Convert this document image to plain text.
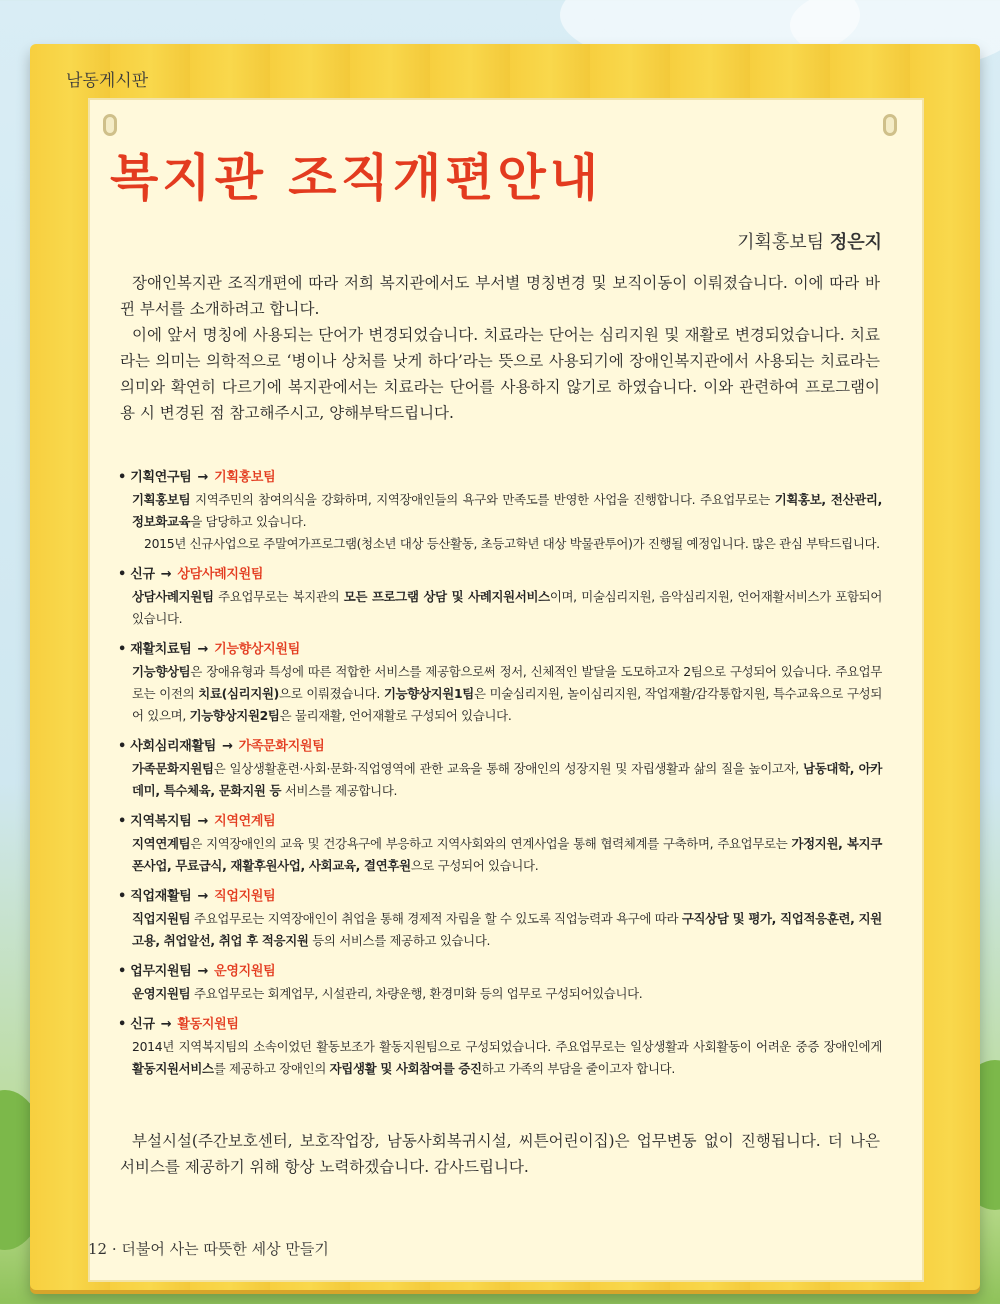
남동게시판
복지관 조직개편안내
기획홍보팀 정은지

장애인복지관 조직개편에 따라 저희 복지관에서도 부서별 명칭변경 및 보직이동이 이뤄졌습니다. 이에 따라 바뀐 부서를 소개하려고 합니다.

이에 앞서 명칭에 사용되는 단어가 변경되었습니다. 치료라는 단어는 심리지원 및 재활로 변경되었습니다. 치료라는 의미는 의학적으로 ‘병이나 상처를 낫게 하다’라는 뜻으로 사용되기에 장애인복지관에서 사용되는 치료라는 의미와 확연히 다르기에 복지관에서는 치료라는 단어를 사용하지 않기로 하였습니다. 이와 관련하여 프로그램이용 시 변경된 점 참고해주시고, 양해부탁드립니다.

• 기획연구팀 → 기획홍보팀
기획홍보팀 지역주민의 참여의식을 강화하며, 지역장애인들의 욕구와 만족도를 반영한 사업을 진행합니다. 주요업무로는 기획홍보, 전산관리, 정보화교육을 담당하고 있습니다.
2015년 신규사업으로 주말여가프로그램(청소년 대상 등산활동, 초등고학년 대상 박물관투어)가 진행될 예정입니다. 많은 관심 부탁드립니다.
• 신규 → 상담사례지원팀
상담사례지원팀 주요업무로는 복지관의 모든 프로그램 상담 및 사례지원서비스이며, 미술심리지원, 음악심리지원, 언어재활서비스가 포함되어 있습니다.
• 재활치료팀 → 기능향상지원팀
기능향상팀은 장애유형과 특성에 따른 적합한 서비스를 제공함으로써 정서, 신체적인 발달을 도모하고자 2팀으로 구성되어 있습니다. 주요업무로는 이전의 치료(심리지원)으로 이뤄졌습니다. 기능향상지원1팀은 미술심리지원, 놀이심리지원, 작업재활/감각통합지원, 특수교육으로 구성되어 있으며, 기능향상지원2팀은 물리재활, 언어재활로 구성되어 있습니다.
• 사회심리재활팀 → 가족문화지원팀
가족문화지원팀은 일상생활훈련·사회·문화·직업영역에 관한 교육을 통해 장애인의 성장지원 및 자립생활과 삶의 질을 높이고자, 남동대학, 아카데미, 특수체육, 문화지원 등 서비스를 제공합니다.
• 지역복지팀 → 지역연계팀
지역연계팀은 지역장애인의 교육 및 건강욕구에 부응하고 지역사회와의 연계사업을 통해 협력체계를 구축하며, 주요업무로는 가정지원, 복지쿠폰사업, 무료급식, 재활후원사업, 사회교육, 결연후원으로 구성되어 있습니다.
• 직업재활팀 → 직업지원팀
직업지원팀 주요업무로는 지역장애인이 취업을 통해 경제적 자립을 할 수 있도록 직업능력과 욕구에 따라 구직상담 및 평가, 직업적응훈련, 지원고용, 취업알선, 취업 후 적응지원 등의 서비스를 제공하고 있습니다.
• 업무지원팀 → 운영지원팀
운영지원팀 주요업무로는 회계업무, 시설관리, 차량운행, 환경미화 등의 업무로 구성되어있습니다.
• 신규 → 활동지원팀
2014년 지역복지팀의 소속이었던 활동보조가 활동지원팀으로 구성되었습니다. 주요업무로는 일상생활과 사회활동이 어려운 중증 장애인에게 활동지원서비스를 제공하고 장애인의 자립생활 및 사회참여를 증진하고 가족의 부담을 줄이고자 합니다.

부설시설(주간보호센터, 보호작업장, 남동사회복귀시설, 씨튼어린이집)은 업무변동 없이 진행됩니다. 더 나은 서비스를 제공하기 위해 항상 노력하겠습니다. 감사드립니다.

12 · 더불어 사는 따뜻한 세상 만들기
